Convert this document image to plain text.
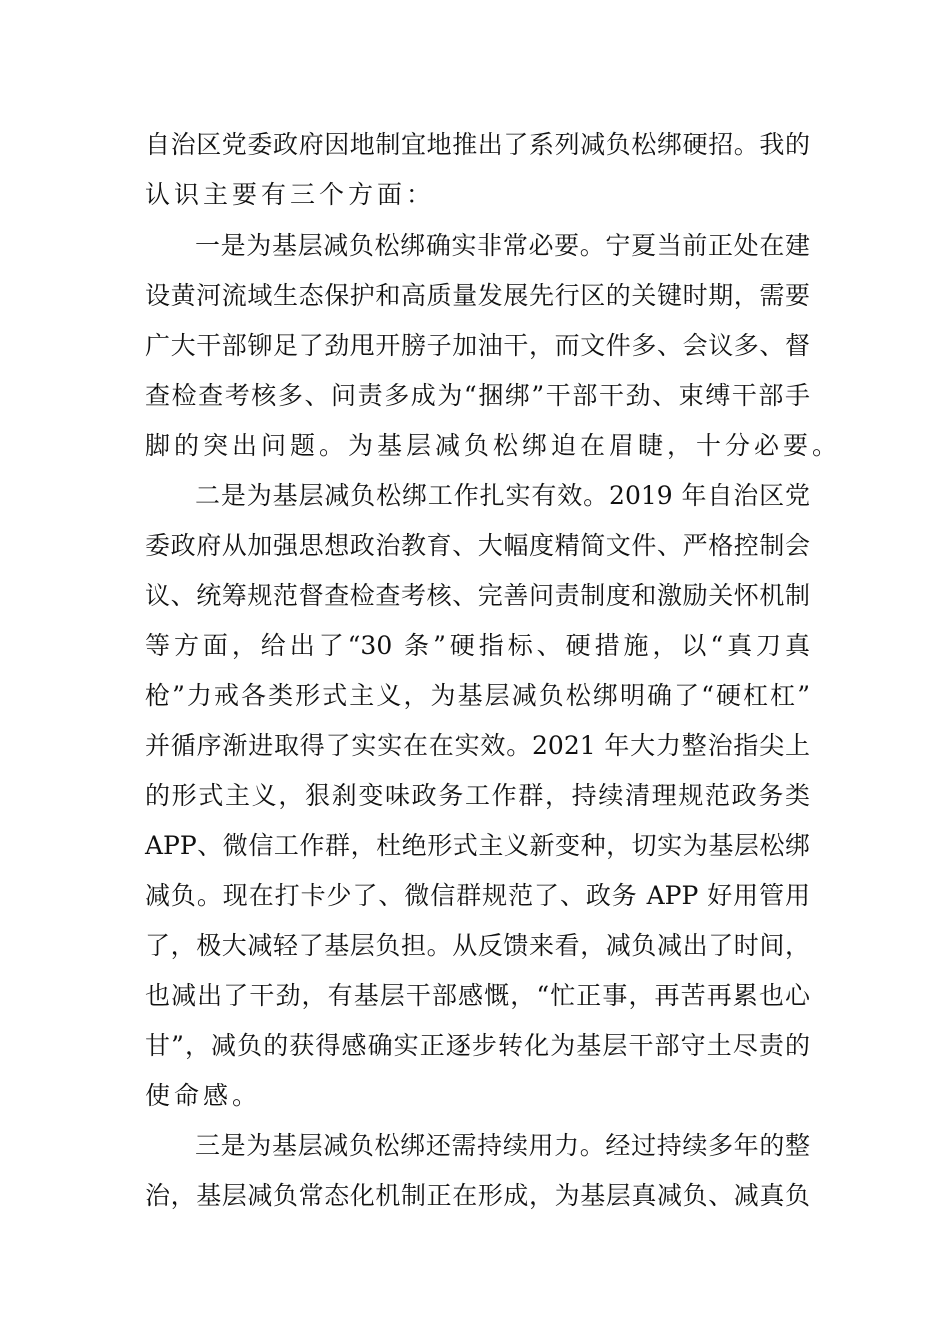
自治区党委政府因地制宜地推出了系列减负松绑硬招。我的
认识主要有三个方面：
一是为基层减负松绑确实非常必要。宁夏当前正处在建
设黄河流域生态保护和高质量发展先行区的关键时期，需要
广大干部铆足了劲甩开膀子加油干，而文件多、会议多、督
查检查考核多、问责多成为“捆绑”干部干劲、束缚干部手
脚的突出问题。为基层减负松绑迫在眉睫，十分必要。
二是为基层减负松绑工作扎实有效。2019 年自治区党
委政府从加强思想政治教育、大幅度精简文件、严格控制会
议、统筹规范督查检查考核、完善问责制度和激励关怀机制
等方面，给出了“30 条”硬指标、硬措施，以“真刀真
枪”力戒各类形式主义，为基层减负松绑明确了“硬杠杠”
并循序渐进取得了实实在在实效。2021 年大力整治指尖上
的形式主义，狠刹变味政务工作群，持续清理规范政务类
APP、微信工作群，杜绝形式主义新变种，切实为基层松绑
减负。现在打卡少了、微信群规范了、政务 APP 好用管用
了，极大减轻了基层负担。从反馈来看，减负减出了时间，
也减出了干劲，有基层干部感慨，“忙正事，再苦再累也心
甘”，减负的获得感确实正逐步转化为基层干部守土尽责的
使命感。
三是为基层减负松绑还需持续用力。经过持续多年的整
治，基层减负常态化机制正在形成，为基层真减负、减真负
